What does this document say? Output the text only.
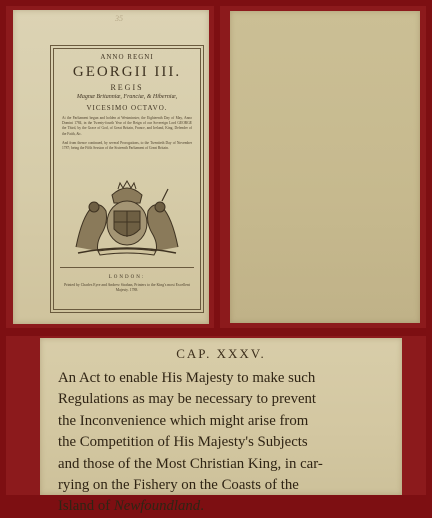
35
ANNO REGNI
GEORGII III.
REGIS
Magnæ Britanniæ, Franciæ, & Hiberniæ,
VICESIMO OCTAVO.
At the Parliament begun and holden at Westminster, the Eighteenth Day of May, Anno Domini 1784, in the Twenty-fourth Year of the Reign of our Sovereign Lord GEORGE the Third, by the Grace of God, of Great Britain, France, and Ireland, King, Defender of the Faith, &c.
And from thence continued, by several Prorogations, to the Twentieth Day of November 1787; being the Fifth Session of the Sixteenth Parliament of Great Britain.
LONDON:
Printed by Charles Eyre and Andrew Strahan, Printers to the King's most Excellent Majesty. 1788.
CAP. XXXV.
An Act to enable His Majesty to make such
Regulations as may be necessary to prevent
the Inconvenience which might arise from
the Competition of His Majesty's Subjects
and those of the Most Christian King, in car-
rying on the Fishery on the Coasts of the
Island of Newfoundland.
